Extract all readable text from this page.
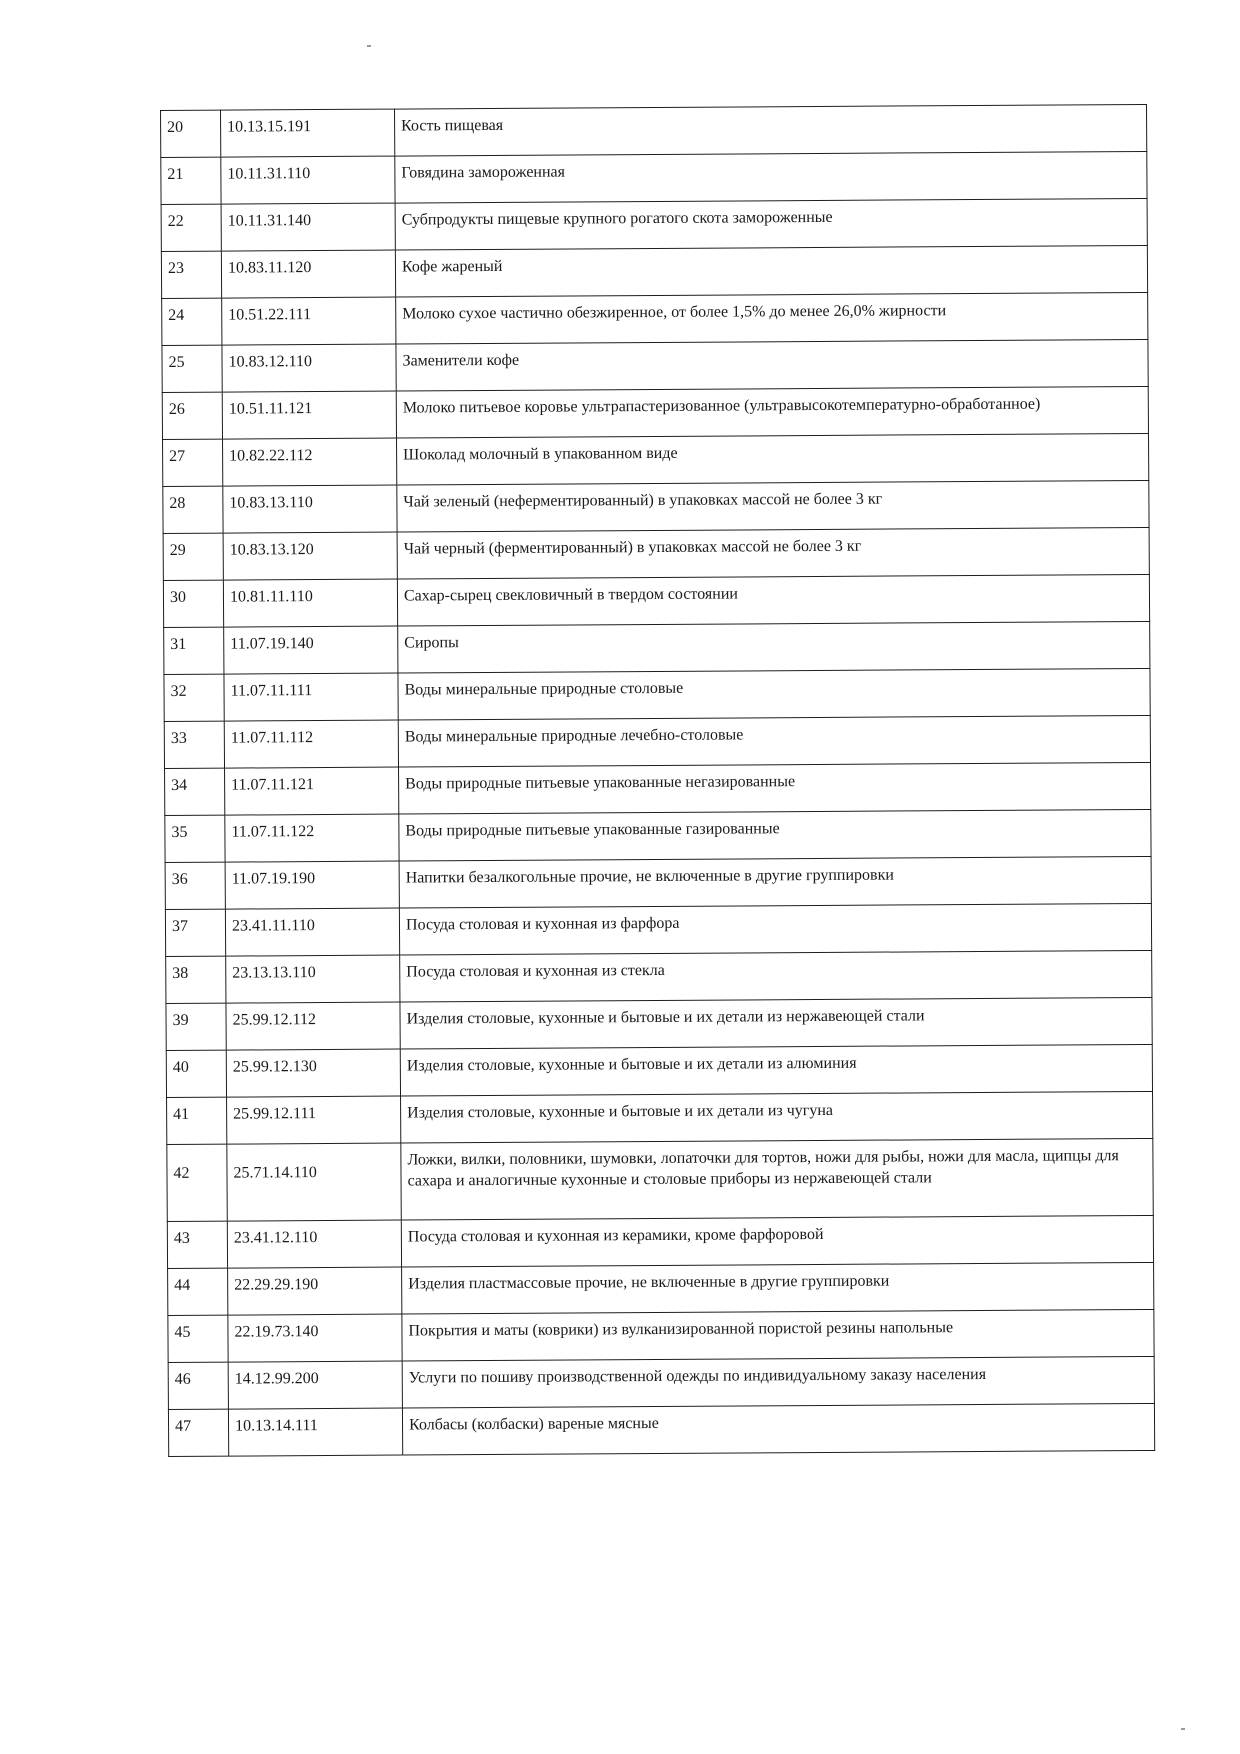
20	10.13.15.191	Кость пищевая
21	10.11.31.110	Говядина замороженная
22	10.11.31.140	Субпродукты пищевые крупного рогатого скота замороженные
23	10.83.11.120	Кофе жареный
24	10.51.22.111	Молоко сухое частично обезжиренное, от более 1,5% до менее 26,0% жирности
25	10.83.12.110	Заменители кофе
26	10.51.11.121	Молоко питьевое коровье ультрапастеризованное (ультравысокотемпературно-обработанное)
27	10.82.22.112	Шоколад молочный в упакованном виде
28	10.83.13.110	Чай зеленый (неферментированный) в упаковках массой не более 3 кг
29	10.83.13.120	Чай черный (ферментированный) в упаковках массой не более 3 кг
30	10.81.11.110	Сахар-сырец свекловичный в твердом состоянии
31	11.07.19.140	Сиропы
32	11.07.11.111	Воды минеральные природные столовые
33	11.07.11.112	Воды минеральные природные лечебно-столовые
34	11.07.11.121	Воды природные питьевые упакованные негазированные
35	11.07.11.122	Воды природные питьевые упакованные газированные
36	11.07.19.190	Напитки безалкогольные прочие, не включенные в другие группировки
37	23.41.11.110	Посуда столовая и кухонная из фарфора
38	23.13.13.110	Посуда столовая и кухонная из стекла
39	25.99.12.112	Изделия столовые, кухонные и бытовые и их детали из нержавеющей стали
40	25.99.12.130	Изделия столовые, кухонные и бытовые и их детали из алюминия
41	25.99.12.111	Изделия столовые, кухонные и бытовые и их детали из чугуна
42	25.71.14.110	Ложки, вилки, половники, шумовки, лопаточки для тортов, ножи для рыбы, ножи для масла, щипцы для сахара и аналогичные кухонные и столовые приборы из нержавеющей стали
43	23.41.12.110	Посуда столовая и кухонная из керамики, кроме фарфоровой
44	22.29.29.190	Изделия пластмассовые прочие, не включенные в другие группировки
45	22.19.73.140	Покрытия и маты (коврики) из вулканизированной пористой резины напольные
46	14.12.99.200	Услуги по пошиву производственной одежды по индивидуальному заказу населения
47	10.13.14.111	Колбасы (колбаски) вареные мясные
